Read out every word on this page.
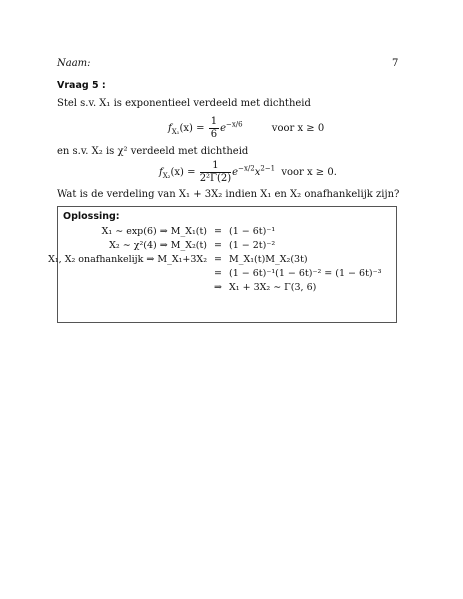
Naam:	7
Vraag 5 :
Stel s.v. X₁ is exponentieel verdeeld met dichtheid
$f_{X_1}(x) = \frac{1}{6} e^{-x/6}$	voor x ≥ 0
en s.v. X₂ is χ² verdeeld met dichtheid
$f_{X_2}(x) = \frac{1}{\text{2²Γ(2)}} e^{-x/2}x^{2-1}$ voor x ≥ 0.
Wat is de verdeling van X₁ + 3X₂ indien X₁ en X₂ onafhankelijk zijn?
Oplossing:
X₁ ∼ exp(6) ⇒ M_X₁(t) = (1 − 6t)⁻¹
X₂ ∼ χ²(4) ⇒ M_X₂(t) = (1 − 2t)⁻²
X₁, X₂ onafhankelijk ⇒ M_X₁+3X₂ = M_X₁(t)M_X₂(3t)
= (1 − 6t)⁻¹(1 − 6t)⁻² = (1 − 6t)⁻³
⇒ X₁ + 3X₂ ∼ Γ(3, 6)
